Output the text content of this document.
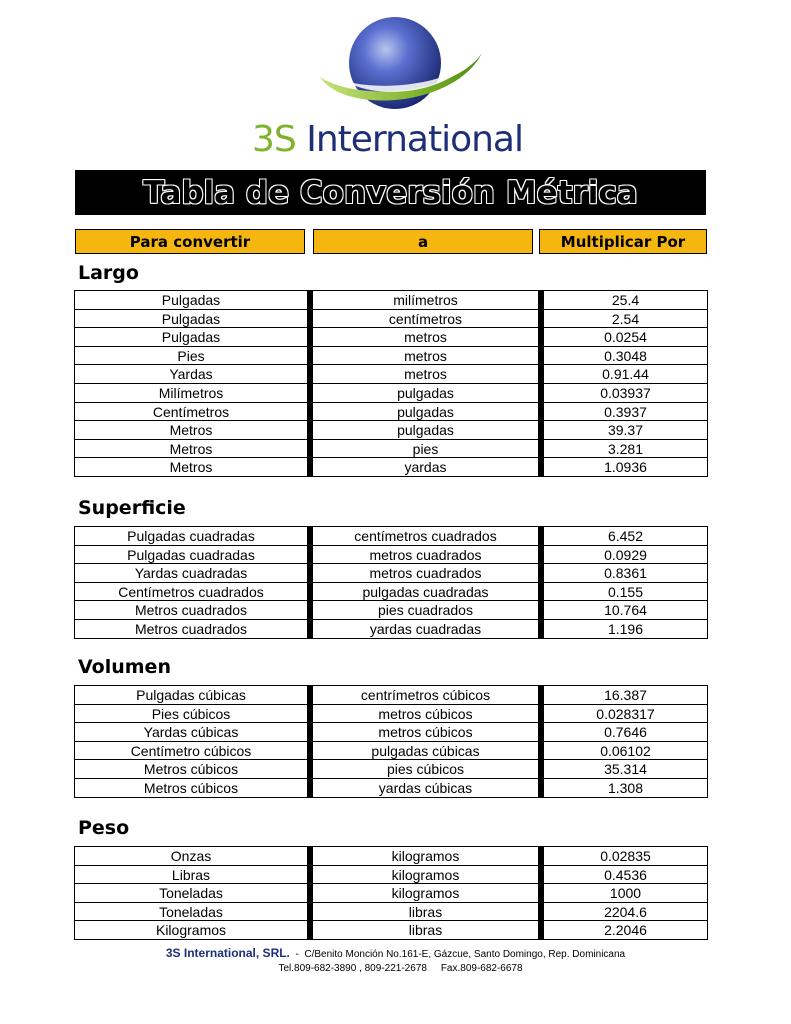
3S International
Tabla de Conversión Métrica
Para convertir	a	Multiplicar Por
Largo
Pulgadas	milímetros	25.4
Pulgadas	centímetros	2.54
Pulgadas	metros	0.0254
Pies	metros	0.3048
Yardas	metros	0.91.44
Milímetros	pulgadas	0.03937
Centímetros	pulgadas	0.3937
Metros	pulgadas	39.37
Metros	pies	3.281
Metros	yardas	1.0936
Superficie
Pulgadas cuadradas	centímetros cuadrados	6.452
Pulgadas cuadradas	metros cuadrados	0.0929
Yardas cuadradas	metros cuadrados	0.8361
Centímetros cuadrados	pulgadas cuadradas	0.155
Metros cuadrados	pies cuadrados	10.764
Metros cuadrados	yardas cuadradas	1.196
Volumen
Pulgadas cúbicas	centrímetros cúbicos	16.387
Pies cúbicos	metros cúbicos	0.028317
Yardas cúbicas	metros cúbicos	0.7646
Centímetro cúbicos	pulgadas cúbicas	0.06102
Metros cúbicos	pies cúbicos	35.314
Metros cúbicos	yardas cúbicas	1.308
Peso
Onzas	kilogramos	0.02835
Libras	kilogramos	0.4536
Toneladas	kilogramos	1000
Toneladas	libras	2204.6
Kilogramos	libras	2.2046
3S International, SRL. - C/Benito Monción No.161-E, Gázcue, Santo Domingo, Rep. Dominicana
Tel.809-682-3890 , 809-221-2678 Fax.809-682-6678
